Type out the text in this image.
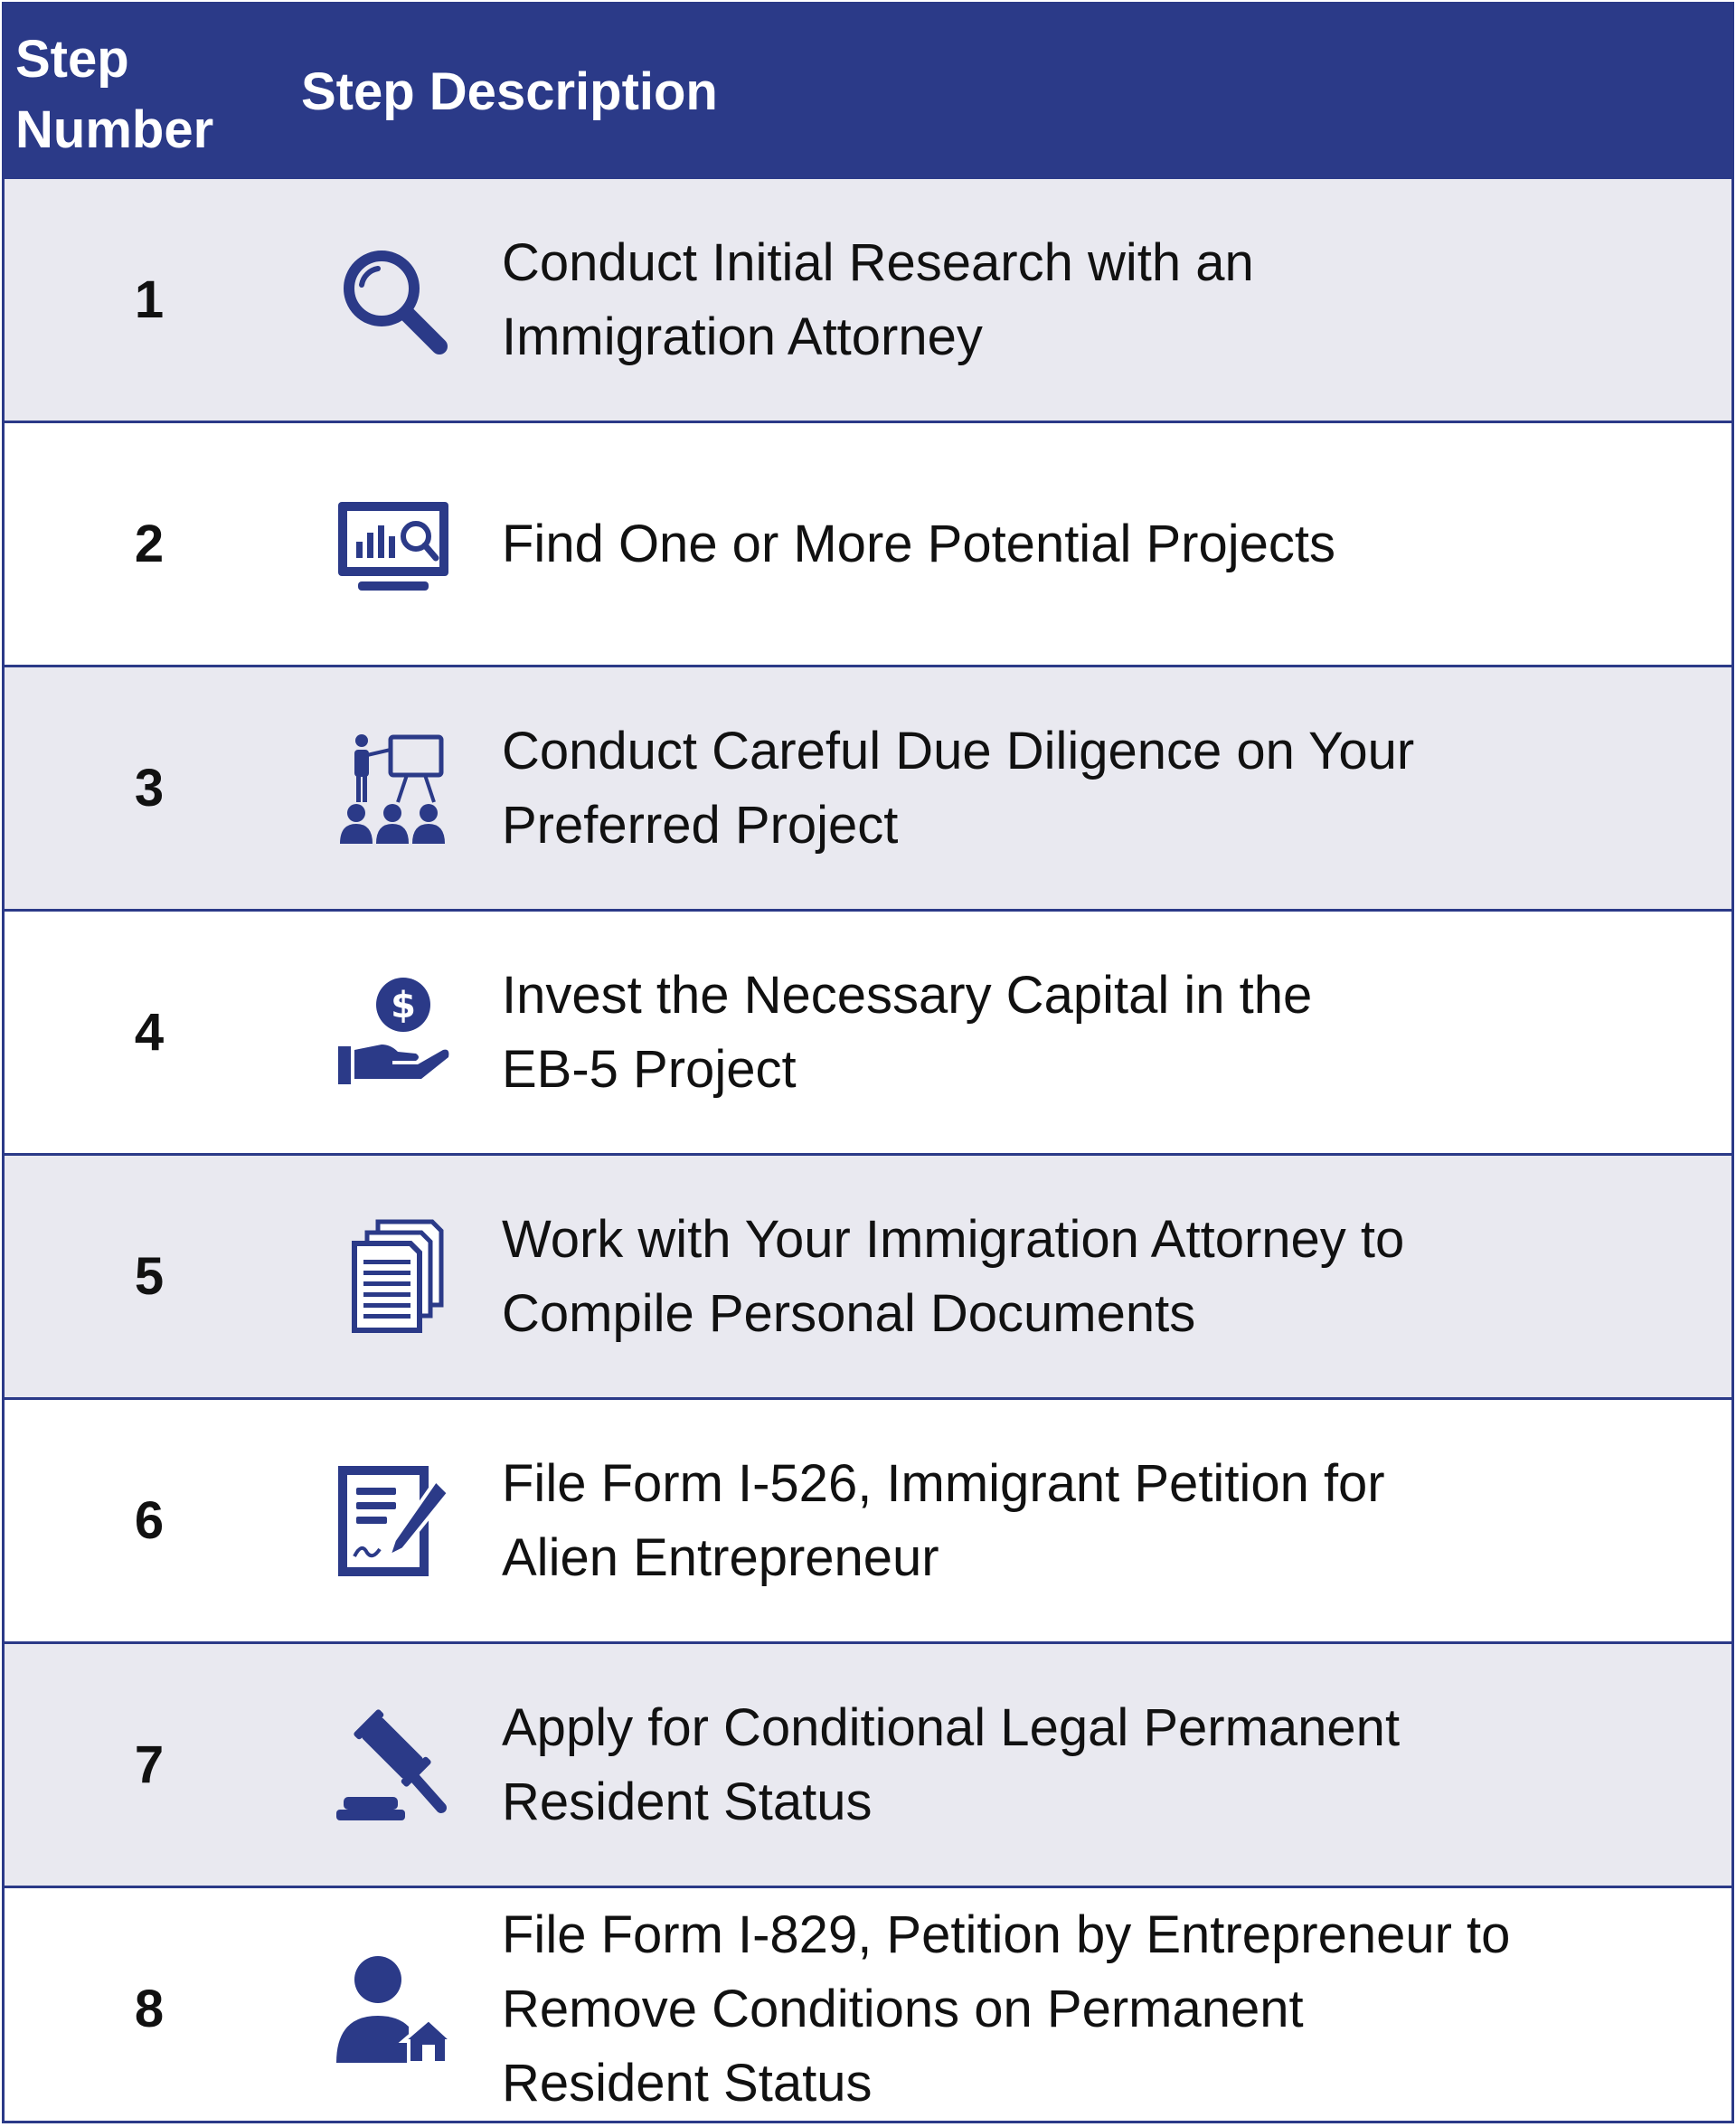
Step
Number
Step Description
1
Conduct Initial Research with an
Immigration Attorney
2	Find One or More Potential Projects
3
Conduct Careful Due Diligence on Your
Preferred Project
4	$ Invest the Necessary Capital in the
EB-5 Project
5
Work with Your Immigration Attorney to
Compile Personal Documents
6
File Form I-526, Immigrant Petition for
Alien Entrepreneur
7
Apply for Conditional Legal Permanent
Resident Status
8
File Form I-829, Petition by Entrepreneur to
Remove Conditions on Permanent
Resident Status
